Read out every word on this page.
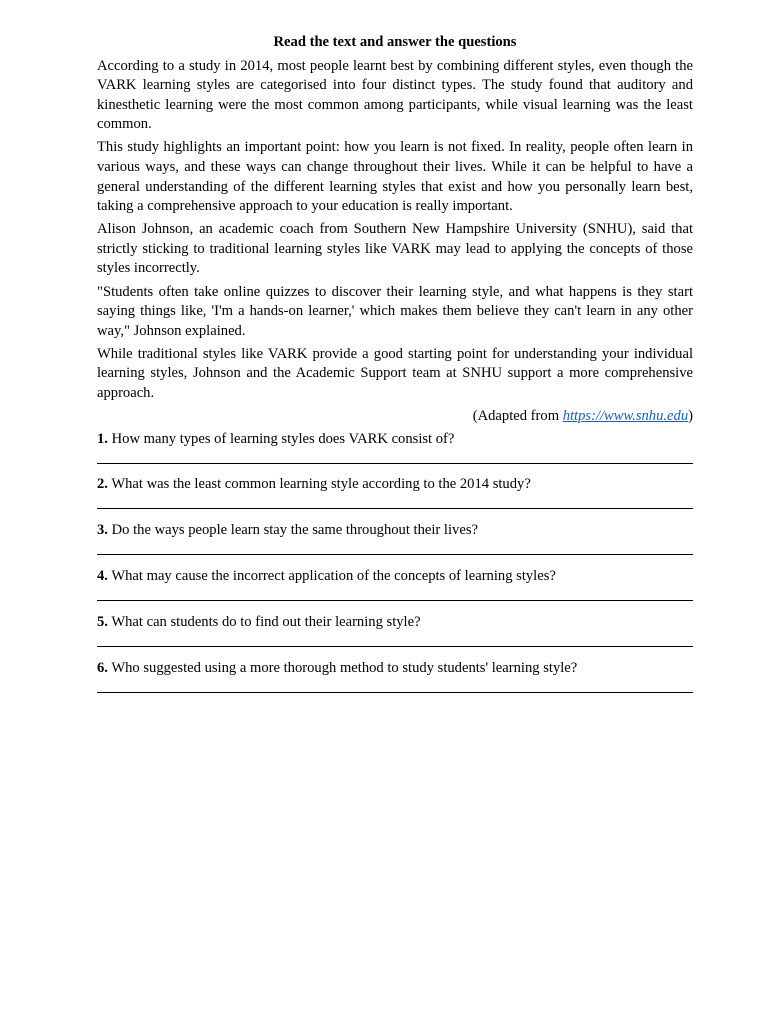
Read the text and answer the questions

According to a study in 2014, most people learnt best by combining different styles, even though the VARK learning styles are categorised into four distinct types. The study found that auditory and kinesthetic learning were the most common among participants, while visual learning was the least common.

This study highlights an important point: how you learn is not fixed. In reality, people often learn in various ways, and these ways can change throughout their lives. While it can be helpful to have a general understanding of the different learning styles that exist and how you personally learn best, taking a comprehensive approach to your education is really important.

Alison Johnson, an academic coach from Southern New Hampshire University (SNHU), said that strictly sticking to traditional learning styles like VARK may lead to applying the concepts of those styles incorrectly.

"Students often take online quizzes to discover their learning style, and what happens is they start saying things like, 'I'm a hands-on learner,' which makes them believe they can't learn in any other way," Johnson explained.

While traditional styles like VARK provide a good starting point for understanding your individual learning styles, Johnson and the Academic Support team at SNHU support a more comprehensive approach.

(Adapted from https://www.snhu.edu)

1. How many types of learning styles does VARK consist of?

2. What was the least common learning style according to the 2014 study?

3. Do the ways people learn stay the same throughout their lives?

4. What may cause the incorrect application of the concepts of learning styles?

5. What can students do to find out their learning style?

6. Who suggested using a more thorough method to study students' learning style?
